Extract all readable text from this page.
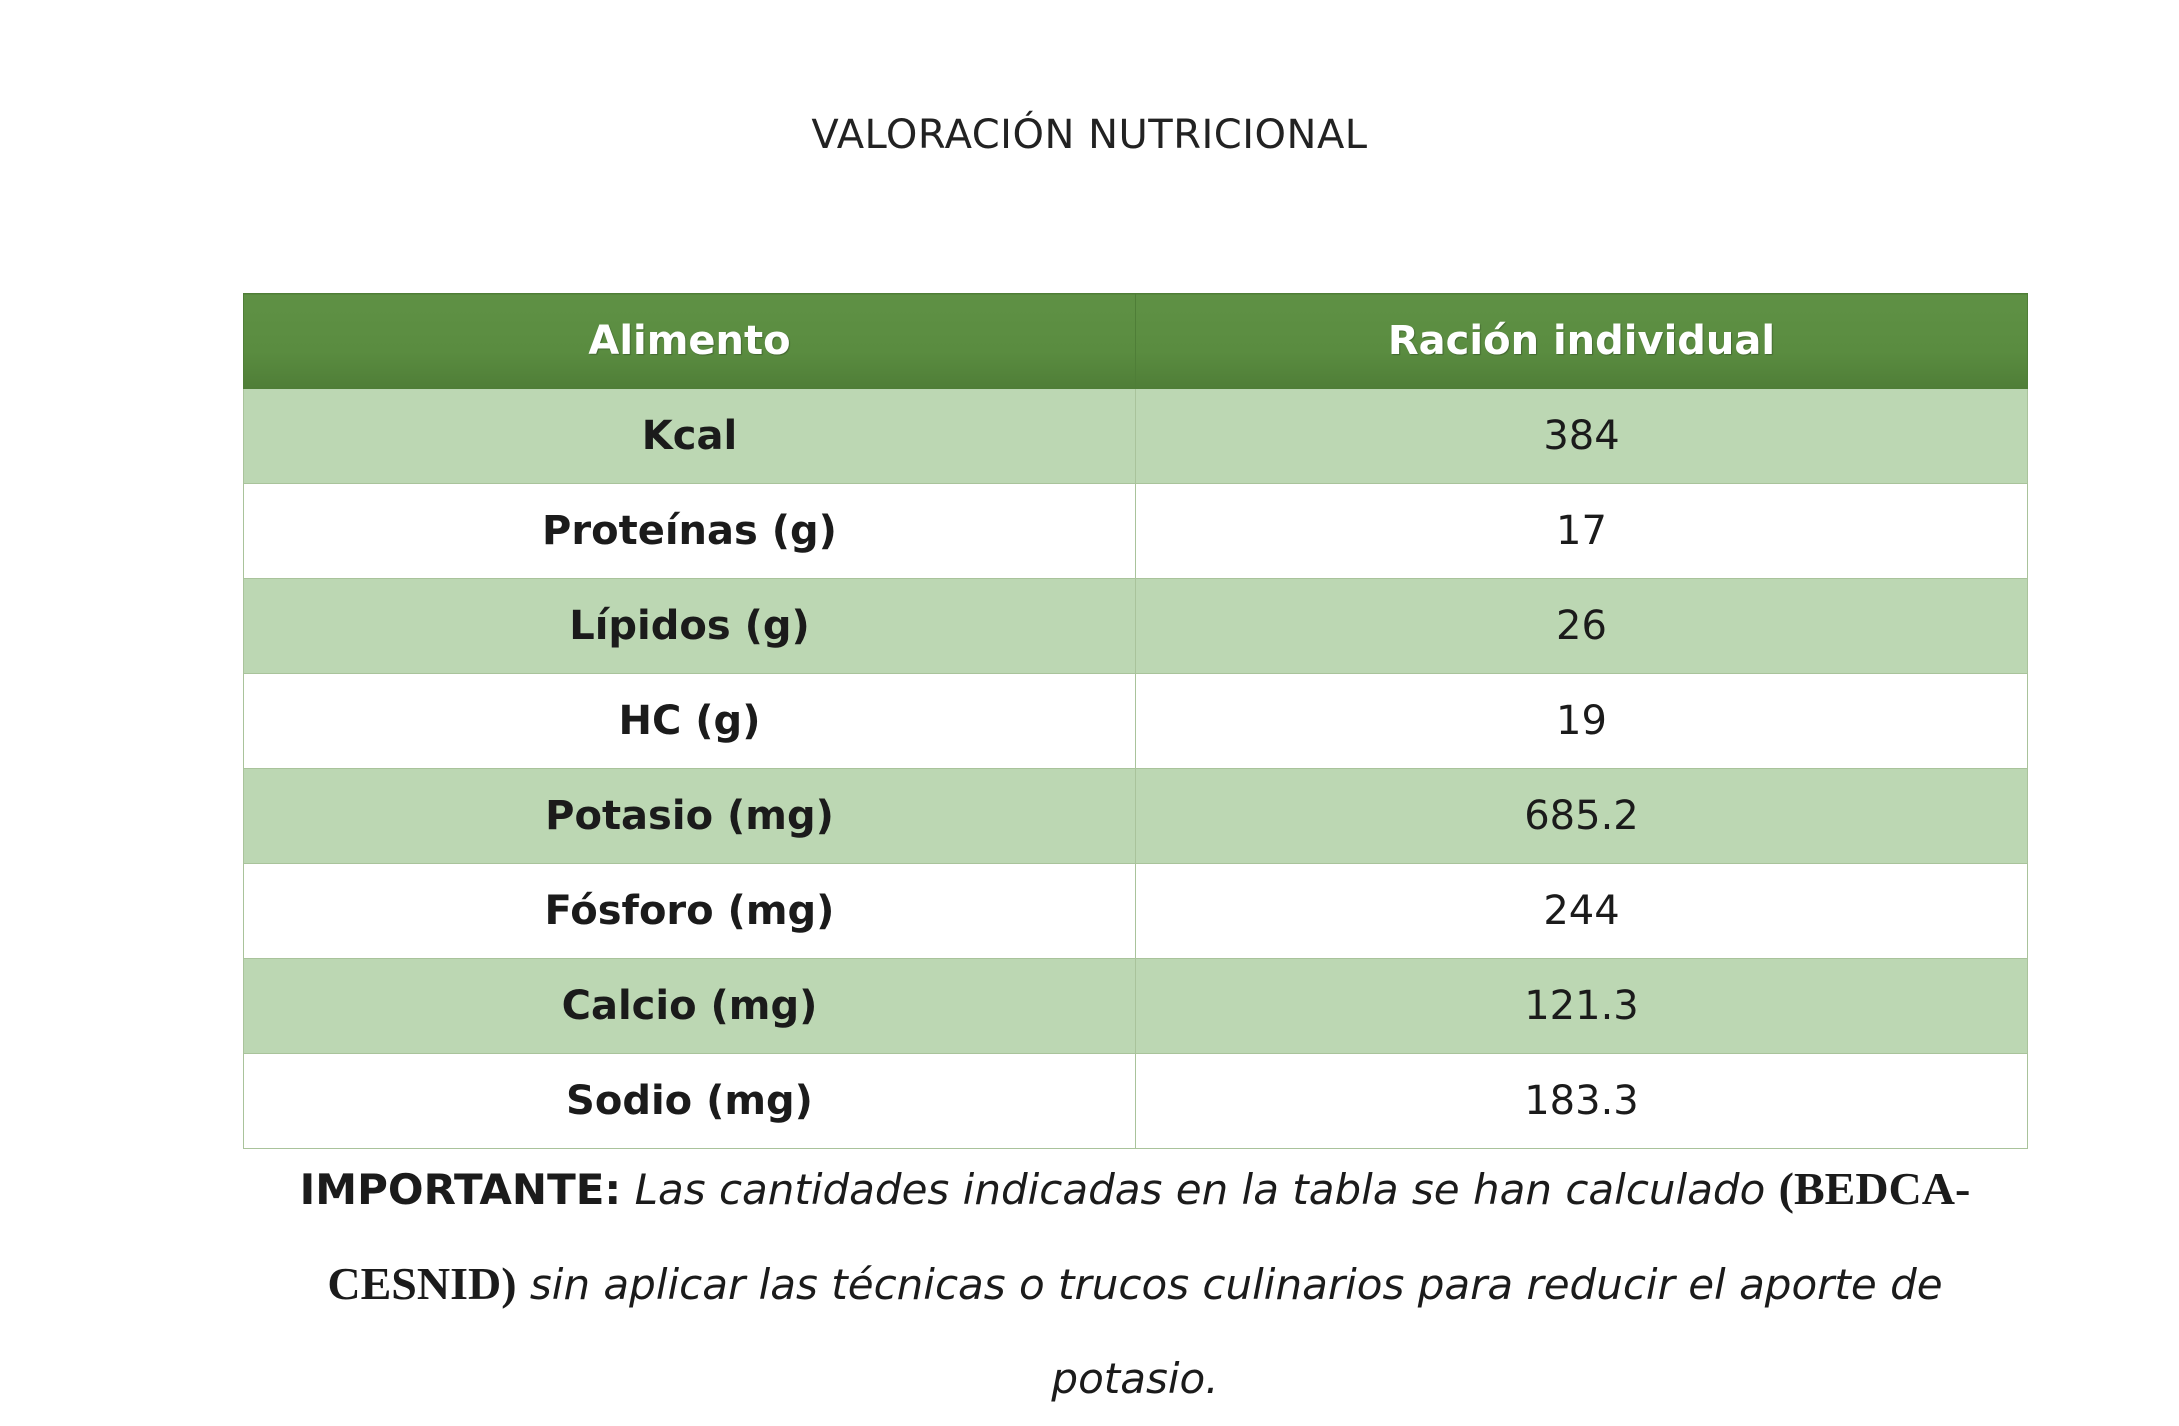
VALORACIÓN NUTRICIONAL
Alimento	Ración individual
Kcal	384
Proteínas (g)	17
Lípidos (g)	26
HC (g)	19
Potasio (mg)	685.2
Fósforo (mg)	244
Calcio (mg)	121.3
Sodio (mg)	183.3
IMPORTANTE: Las cantidades indicadas en la tabla se han calculado (BEDCA-
CESNID) sin aplicar las técnicas o trucos culinarios para reducir el aporte de potasio.
